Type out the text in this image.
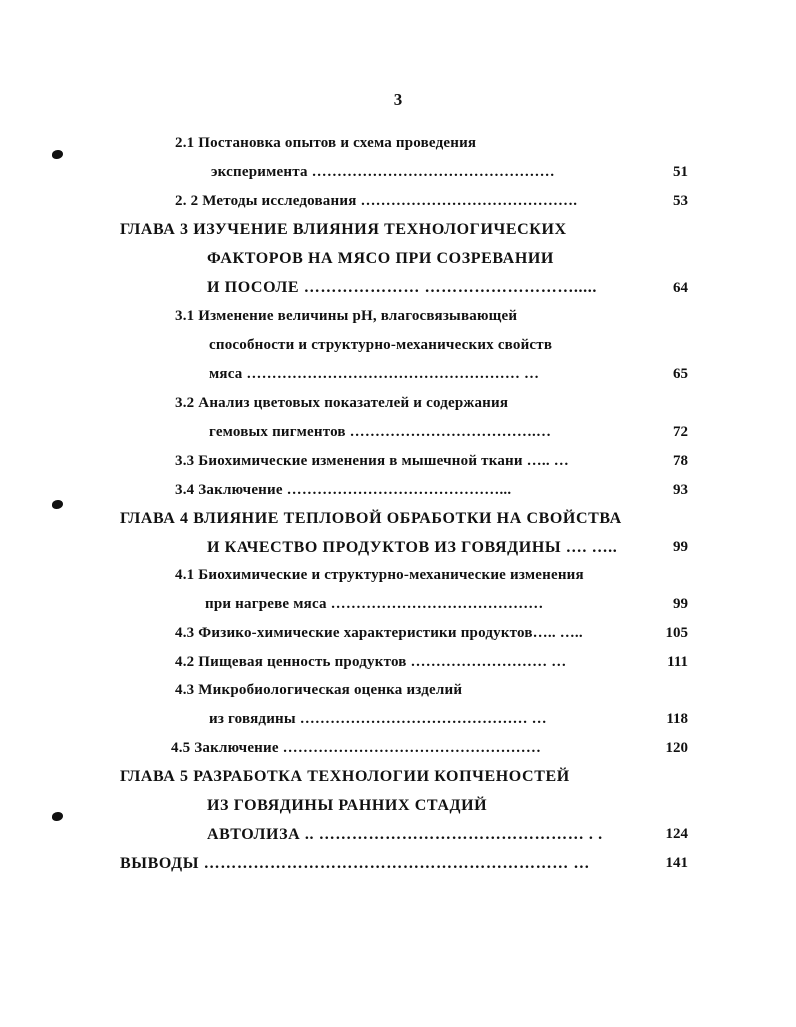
3
2.1 Постановка опытов и схема проведения
эксперимента …………………………………………	51
2. 2 Методы исследования …………………………………….	53
ГЛАВА 3 ИЗУЧЕНИЕ ВЛИЯНИЯ ТЕХНОЛОГИЧЕСКИХ
ФАКТОРОВ НА МЯСО ПРИ СОЗРЕВАНИИ
И ПОСОЛЕ ………………… ……………………….....	64
3.1 Изменение величины pH, влагосвязывающей
способности и структурно-механических свойств
мяса ……………………………………………… …	65
3.2 Анализ цветовых показателей и содержания
гемовых пигментов ……………………………….…	72
3.3 Биохимические изменения в мышечной ткани ….. …	78
3.4 Заключение ……………………………………...	93
ГЛАВА 4 ВЛИЯНИЕ ТЕПЛОВОЙ ОБРАБОТКИ НА СВОЙСТВА
И КАЧЕСТВО ПРОДУКТОВ ИЗ ГОВЯДИНЫ …. …..	99
4.1 Биохимические и структурно-механические изменения
при нагреве мяса ……………………………………	99
4.3 Физико-химические характеристики продуктов….. …..	105
4.2 Пищевая ценность продуктов ……………………… …	111
4.3 Микробиологическая оценка изделий
из говядины ……………………………………… …	118
4.5 Заключение ……………………………………………	120
ГЛАВА 5 РАЗРАБОТКА ТЕХНОЛОГИИ КОПЧЕНОСТЕЙ
ИЗ ГОВЯДИНЫ РАННИХ СТАДИЙ
АВТОЛИЗА .. ………………………………………… . .	124
ВЫВОДЫ ………………………………………………………… …	141
